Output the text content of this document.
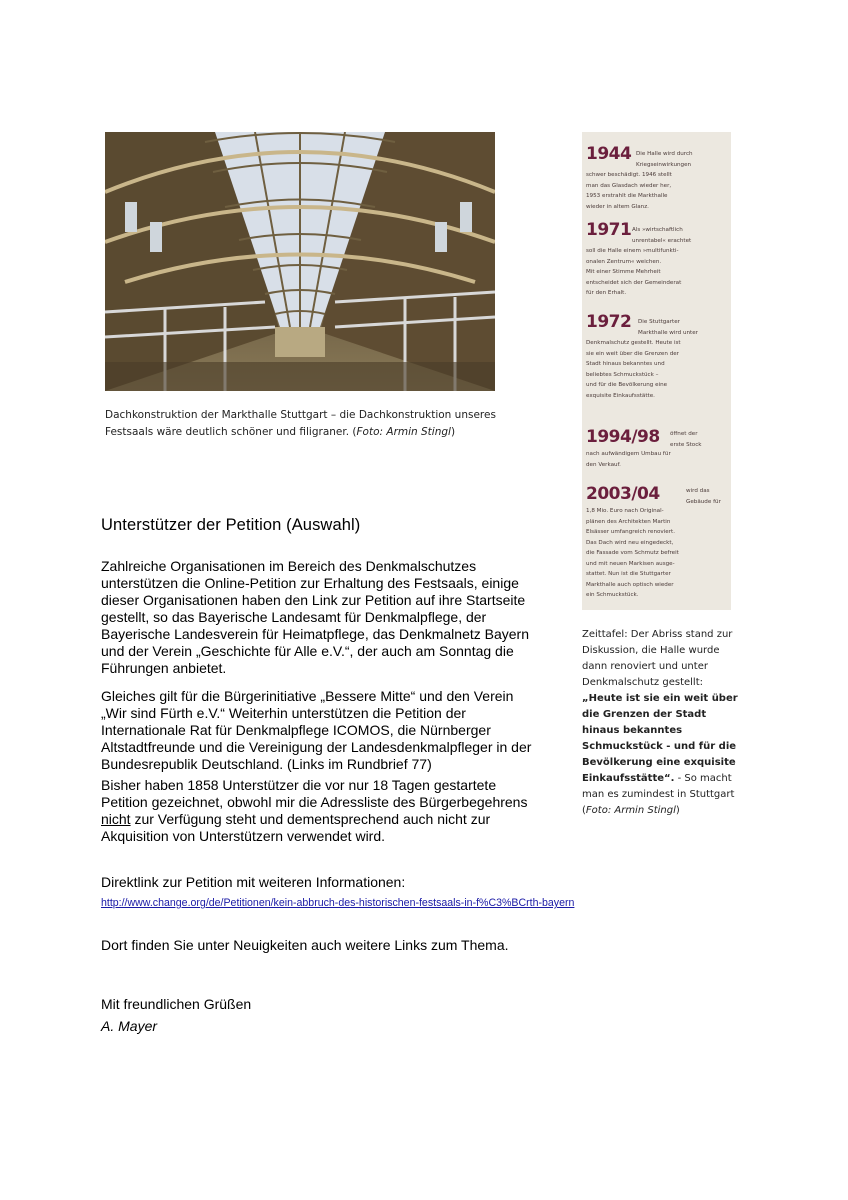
Dachkonstruktion der Markthalle Stuttgart – die Dachkonstruktion unseres Festsaals wäre deutlich schöner und filigraner. (Foto: Armin Stingl)
1944 Die Halle wird durch
Kriegseinwirkungen
schwer beschädigt. 1946 stellt
man das Glasdach wieder her,
1953 erstrahlt die Markthalle
wieder in altem Glanz.
1971 Als »wirtschaftlich
unrentabel« erachtet
soll die Halle einem »multifunkti-
onalen Zentrum« weichen.
Mit einer Stimme Mehrheit
entscheidet sich der Gemeinderat
für den Erhalt.
1972 Die Stuttgarter
Markthalle wird unter
Denkmalschutz gestellt. Heute ist
sie ein weit über die Grenzen der
Stadt hinaus bekanntes und
beliebtes Schmuckstück –
und für die Bevölkerung eine
exquisite Einkaufsstätte.
1994/98 öffnet der
erste Stock
nach aufwändigem Umbau für
den Verkauf.
2003/04	wird das
Gebäude für
1,8 Mio. Euro nach Original-
plänen des Architekten Martin
Elsässer umfangreich renoviert.
Das Dach wird neu eingedeckt,
die Fassade vom Schmutz befreit
und mit neuen Markisen ausge-
stattet. Nun ist die Stuttgarter
Markthalle auch optisch wieder
ein Schmuckstück.
Zeittafel: Der Abriss stand zur Diskussion, die Halle wurde dann renoviert und unter Denkmalschutz gestellt: „Heute ist sie ein weit über die Grenzen der Stadt hinaus bekanntes Schmuckstück - und für die Bevölkerung eine exquisite Einkaufsstätte“. - So macht man es zumindest in Stuttgart (Foto: Armin Stingl)
Unterstützer der Petition (Auswahl)

Zahlreiche Organisationen im Bereich des Denkmalschutzes unterstützen die Online-Petition zur Erhaltung des Festsaals, einige dieser Organisationen haben den Link zur Petition auf ihre Startseite gestellt, so das Bayerische Landesamt für Denkmalpflege, der Bayerische Landesverein für Heimatpflege, das Denkmalnetz Bayern und der Verein „Geschichte für Alle e.V.“, der auch am Sonntag die Führungen anbietet.

Gleiches gilt für die Bürgerinitiative „Bessere Mitte“ und den Verein „Wir sind Fürth e.V.“ Weiterhin unterstützen die Petition der Internationale Rat für Denkmalpflege ICOMOS, die Nürnberger Altstadtfreunde und die Vereinigung der Landesdenkmalpfleger in der Bundesrepublik Deutschland. (Links im Rundbrief 77)

Bisher haben 1858 Unterstützer die vor nur 18 Tagen gestartete Petition gezeichnet, obwohl mir die Adressliste des Bürgerbegehrens nicht zur Verfügung steht und dementsprechend auch nicht zur Akquisition von Unterstützern verwendet wird.

Direktlink zur Petition mit weiteren Informationen:

http://www.change.org/de/Petitionen/kein-abbruch-des-historischen-festsaals-in-f%C3%BCrth-bayern

Dort finden Sie unter Neuigkeiten auch weitere Links zum Thema.

Mit freundlichen Grüßen
A. Mayer
